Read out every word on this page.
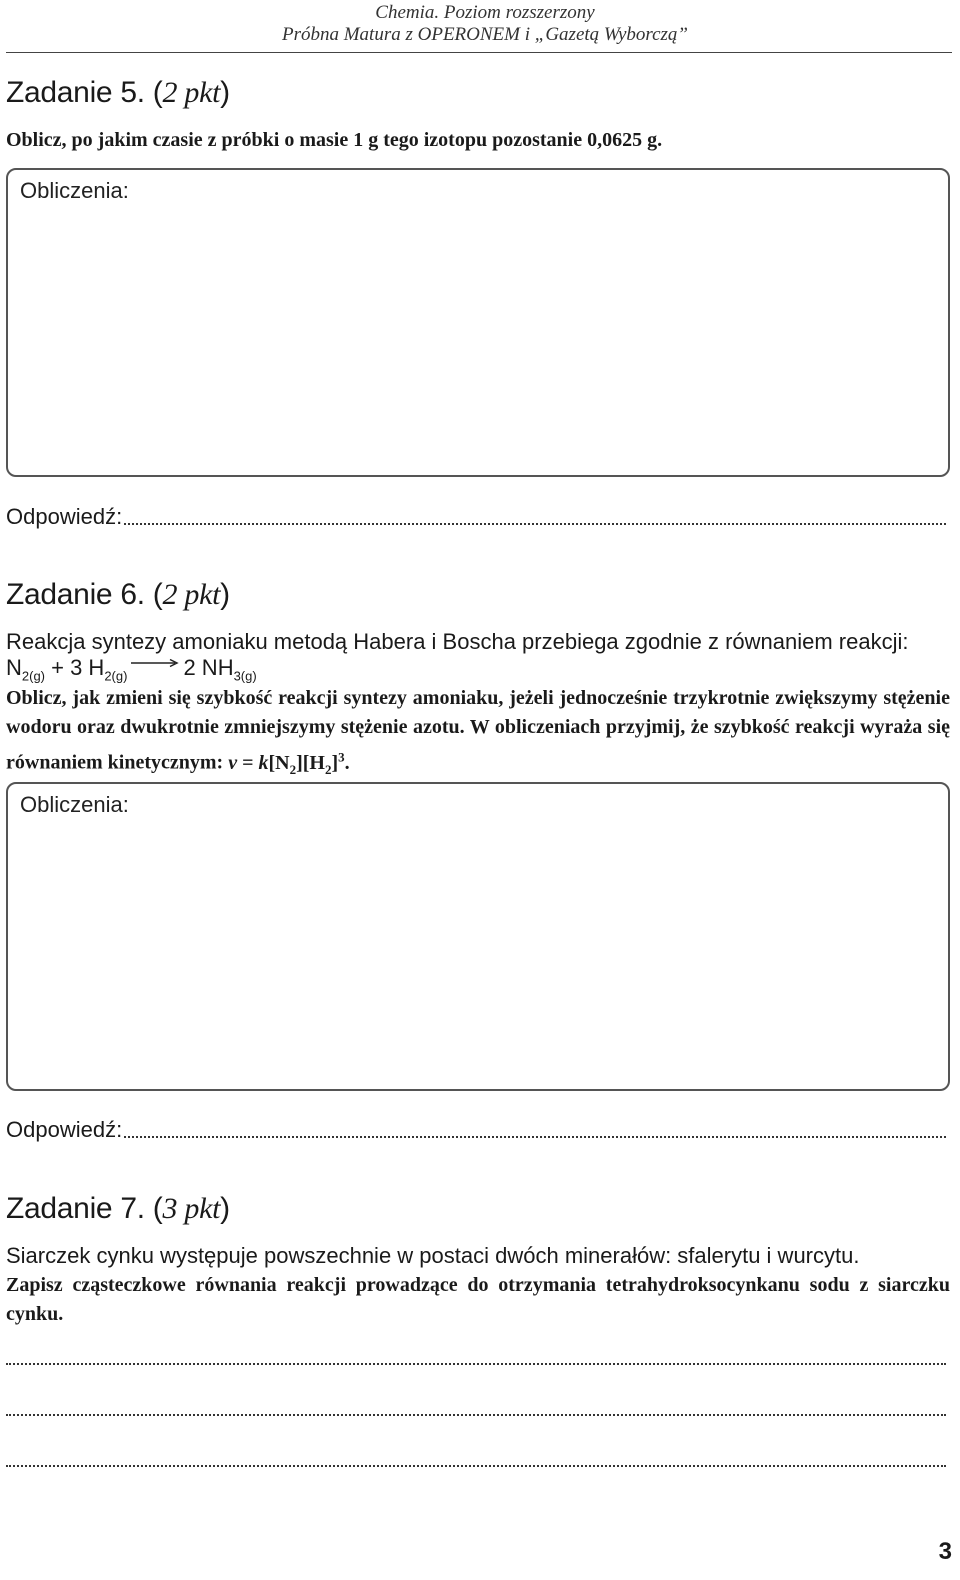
Chemia. Poziom rozszerzony
Próbna Matura z OPERONEM i „Gazetą Wyborczą”
Zadanie 5. (2 pkt)
Oblicz, po jakim czasie z próbki o masie 1 g tego izotopu pozostanie 0,0625 g.
Obliczenia:
Odpowiedź:
Zadanie 6. (2 pkt)
Reakcja syntezy amoniaku metodą Habera i Boscha przebiega zgodnie z równaniem reakcji:
$N_{2(g)} + 3$ $H_{2(g)} \to 2$ $NH_{3(g)}$
Oblicz, jak zmieni się szybkość reakcji syntezy amoniaku, jeżeli jednocześnie trzykrotnie zwiększymy stężenie wodoru oraz dwukrotnie zmniejszymy stężenie azotu. W obliczeniach przyjmij, że szybkość reakcji wyraża się równaniem kinetycznym: $v = k[N_2][H_2]^3$.
Obliczenia:
Odpowiedź:
Zadanie 7. (3 pkt)
Siarczek cynku występuje powszechnie w postaci dwóch minerałów: sfalerytu i wurcytu.
Zapisz cząsteczkowe równania reakcji prowadzące do otrzymania tetrahydroksocynkanu sodu z siarczku cynku.
3
